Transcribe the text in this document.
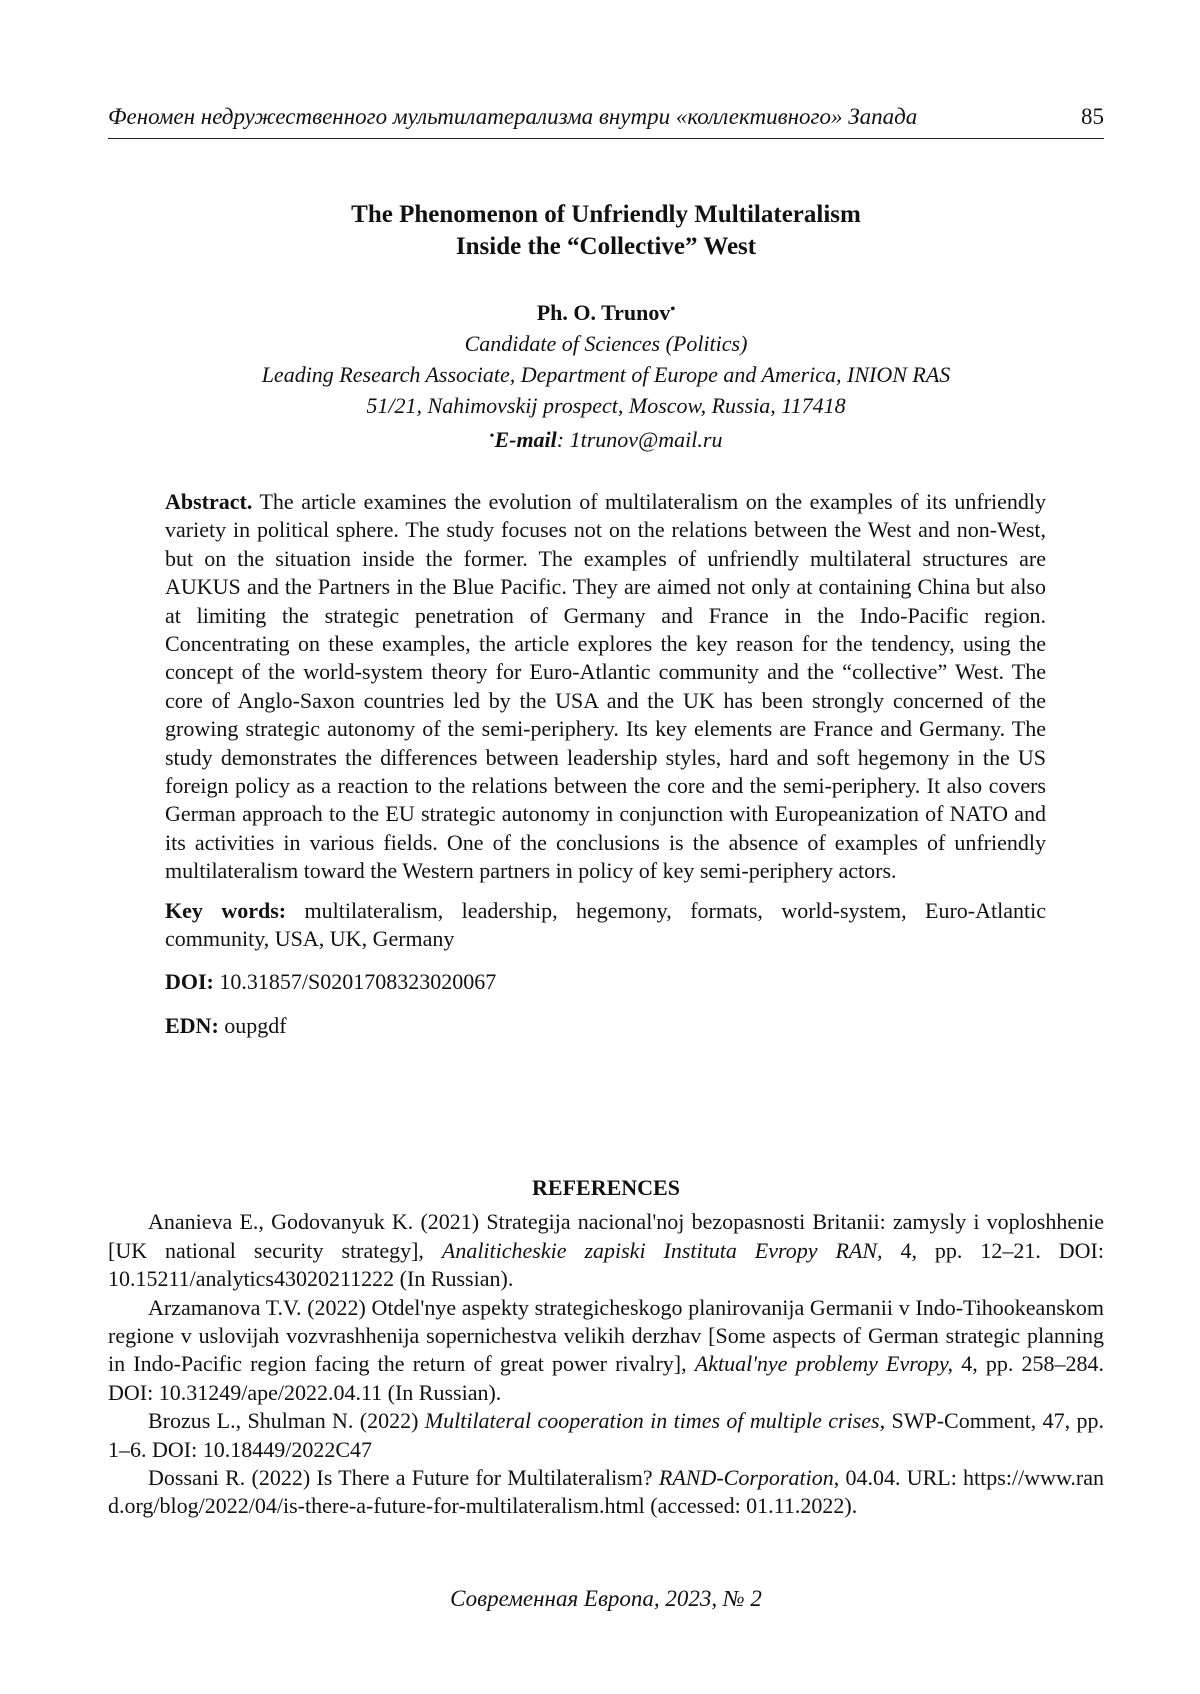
Феномен недружественного мультилатерализма внутри «коллективного» Запада	85
The Phenomenon of Unfriendly Multilateralism
Inside the “Collective” West
Ph. O. Trunov•
Candidate of Sciences (Politics)
Leading Research Associate, Department of Europe and America, INION RAS
51/21, Nahimovskij prospect, Moscow, Russia, 117418
•E-mail: 1trunov@mail.ru

Abstract. The article examines the evolution of multilateralism on the examples of its unfriendly variety in political sphere. The study focuses not on the relations between the West and non-West, but on the situation inside the former. The examples of unfriendly multilateral structures are AUKUS and the Partners in the Blue Pacific. They are aimed not only at containing China but also at limiting the strategic penetration of Germany and France in the Indo-Pacific region. Concentrating on these examples, the article explores the key reason for the tendency, using the concept of the world-system theory for Euro-Atlantic community and the “collective” West. The core of Anglo-Saxon countries led by the USA and the UK has been strongly concerned of the growing strategic autonomy of the semi-periphery. Its key elements are France and Germany. The study demonstrates the differences between leadership styles, hard and soft hegemony in the US foreign policy as a reaction to the relations between the core and the semi-periphery. It also covers German approach to the EU strategic autonomy in conjunction with Europeanization of NATO and its activities in various fields. One of the conclusions is the absence of examples of unfriendly multilateralism toward the Western partners in policy of key semi-periphery actors.

Key words: multilateralism, leadership, hegemony, formats, world-system, Euro-Atlantic community, USA, UK, Germany

DOI: 10.31857/S0201708323020067

EDN: oupgdf

REFERENCES

Ananieva E., Godovanyuk K. (2021) Strategija nacional'noj bezopasnosti Britanii: zamysly i voploshhenie [UK national security strategy], Analiticheskie zapiski Instituta Evropy RAN, 4, pp. 12–21. DOI: 10.15211/analytics43020211222 (In Russian).

Arzamanova T.V. (2022) Otdel'nye aspekty strategicheskogo planirovanija Germanii v Indo-Tihookeanskom regione v uslovijah vozvrashhenija sopernichestva velikih derzhav [Some aspects of German strategic planning in Indo-Pacific region facing the return of great power rivalry], Aktual'nye problemy Evropy, 4, pp. 258–284. DOI: 10.31249/ape/2022.04.11 (In Russian).

Brozus L., Shulman N. (2022) Multilateral cooperation in times of multiple crises, SWP-Comment, 47, pp. 1–6. DOI: 10.18449/2022C47

Dossani R. (2022) Is There a Future for Multilateralism? RAND-Corporation, 04.04. URL: https://www.rand.org/blog/2022/04/is-there-a-future-for-multilateralism.html (accessed: 01.11.2022).

Современная Европа, 2023, № 2
